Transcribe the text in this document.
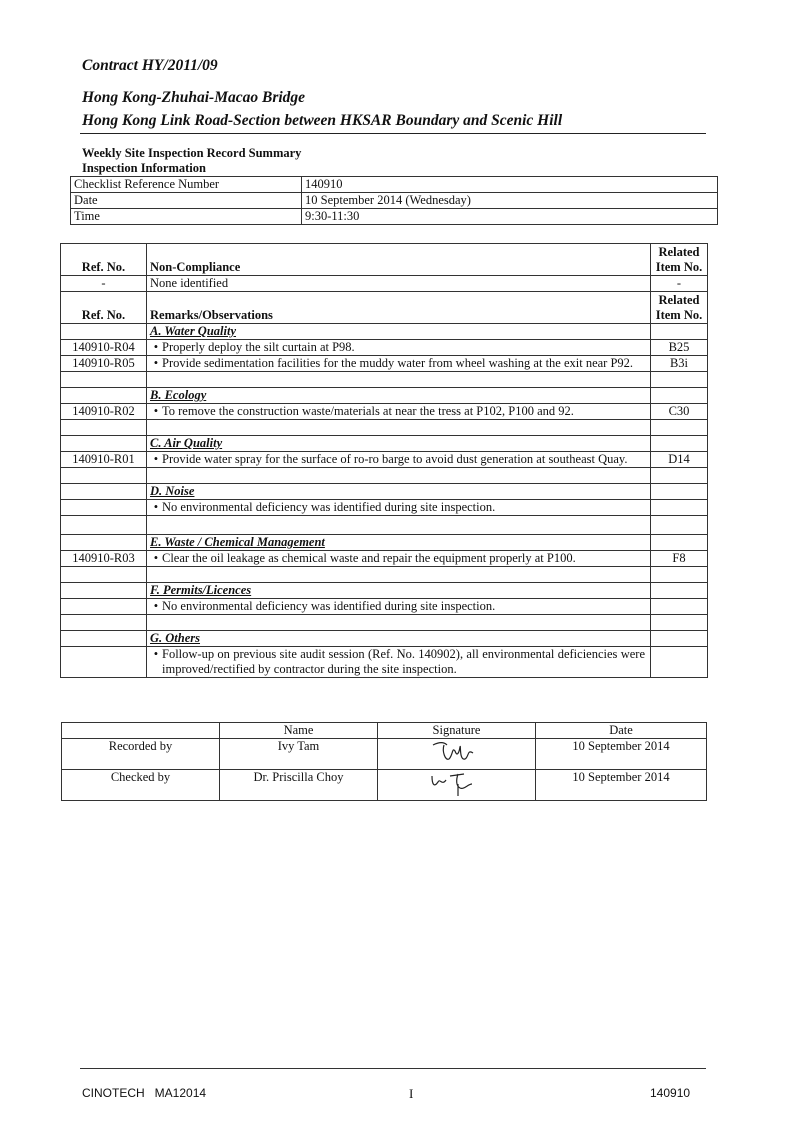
Contract HY/2011/09
Hong Kong-Zhuhai-Macao Bridge
Hong Kong Link Road-Section between HKSAR Boundary and Scenic Hill
Weekly Site Inspection Record Summary
Inspection Information
Checklist Reference Number	140910
Date	10 September 2014 (Wednesday)
Time	9:30-11:30
Ref. No.	Non-Compliance	Related
Item No.
-	None identified	-
Ref. No.	Remarks/Observations	Related
Item No.
	A. Water Quality	
140910-R04	• Properly deploy the silt curtain at P98.	B25
140910-R05	• Provide sedimentation facilities for the muddy water from wheel washing at the exit near P92.	B3i

	B. Ecology	
140910-R02	• To remove the construction waste/materials at near the tress at P102, P100 and 92.	C30

	C. Air Quality	
140910-R01	• Provide water spray for the surface of ro-ro barge to avoid dust generation at southeast Quay.	D14

	D. Noise	
	• No environmental deficiency was identified during site inspection.	

	E. Waste / Chemical Management	
140910-R03	• Clear the oil leakage as chemical waste and repair the equipment properly at P100.	F8

	F. Permits/Licences	
	• No environmental deficiency was identified during site inspection.	

	G. Others	
	• Follow-up on previous site audit session (Ref. No. 140902), all environmental deficiencies were improved/rectified by contractor during the site inspection.	
	Name	Signature	Date
Recorded by	Ivy Tam		10 September 2014
Checked by	Dr. Priscilla Choy		10 September 2014
CINOTECH   MA12014	I	140910
